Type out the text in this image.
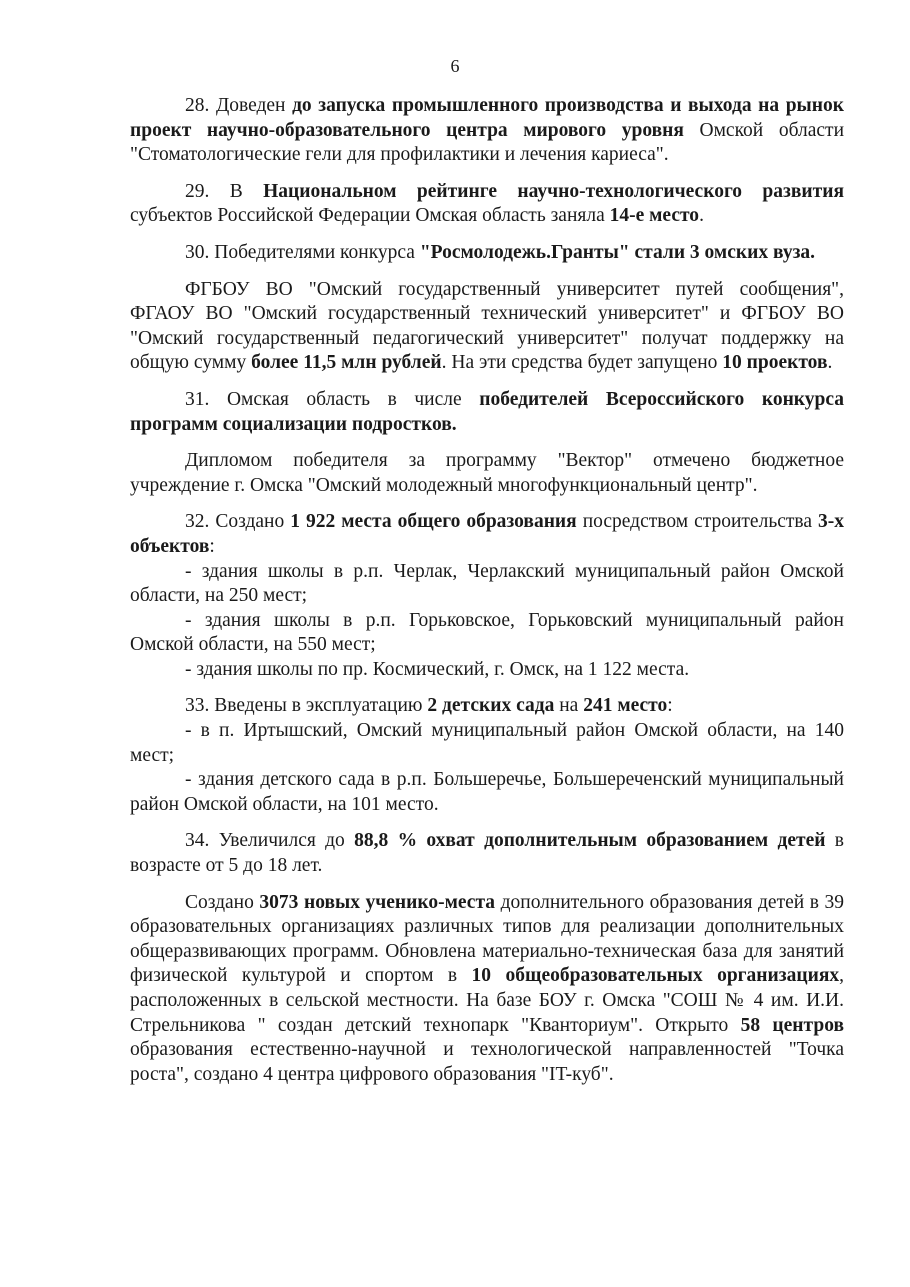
6

28. Доведен до запуска промышленного производства и выхода на рынок проект научно-образовательного центра мирового уровня Омской области "Стоматологические гели для профилактики и лечения кариеса".

29. В Национальном рейтинге научно-технологического развития субъектов Российской Федерации Омская область заняла 14-е место.

30. Победителями конкурса "Росмолодежь.Гранты" стали 3 омских вуза.

ФГБОУ ВО "Омский государственный университет путей сообщения", ФГАОУ ВО "Омский государственный технический университет" и ФГБОУ ВО "Омский государственный педагогический университет" получат поддержку на общую сумму более 11,5 млн рублей. На эти средства будет запущено 10 проектов.

31. Омская область в числе победителей Всероссийского конкурса программ социализации подростков.

Дипломом победителя за программу "Вектор" отмечено бюджетное учреждение г. Омска "Омский молодежный многофункциональный центр".

32. Создано 1 922 места общего образования посредством строительства 3-х объектов:

- здания школы в р.п. Черлак, Черлакский муниципальный район Омской области, на 250 мест;

- здания школы в р.п. Горьковское, Горьковский муниципальный район Омской области, на 550 мест;

- здания школы по пр. Космический, г. Омск, на 1 122 места.

33. Введены в эксплуатацию 2 детских сада на 241 место:

- в п. Иртышский, Омский муниципальный район Омской области, на 140 мест;

- здания детского сада в р.п. Большеречье, Большереченский муниципальный район Омской области, на 101 место.

34. Увеличился до 88,8 % охват дополнительным образованием детей в возрасте от 5 до 18 лет.

Создано 3073 новых ученико-места дополнительного образования детей в 39 образовательных организациях различных типов для реализации дополнительных общеразвивающих программ. Обновлена материально-техническая база для занятий физической культурой и спортом в 10 общеобразовательных организациях, расположенных в сельской местности. На базе БОУ г. Омска "СОШ № 4 им. И.И. Стрельникова " создан детский технопарк "Кванториум". Открыто 58 центров образования естественно-научной и технологической направленностей "Точка роста", создано 4 центра цифрового образования "IT-куб".
